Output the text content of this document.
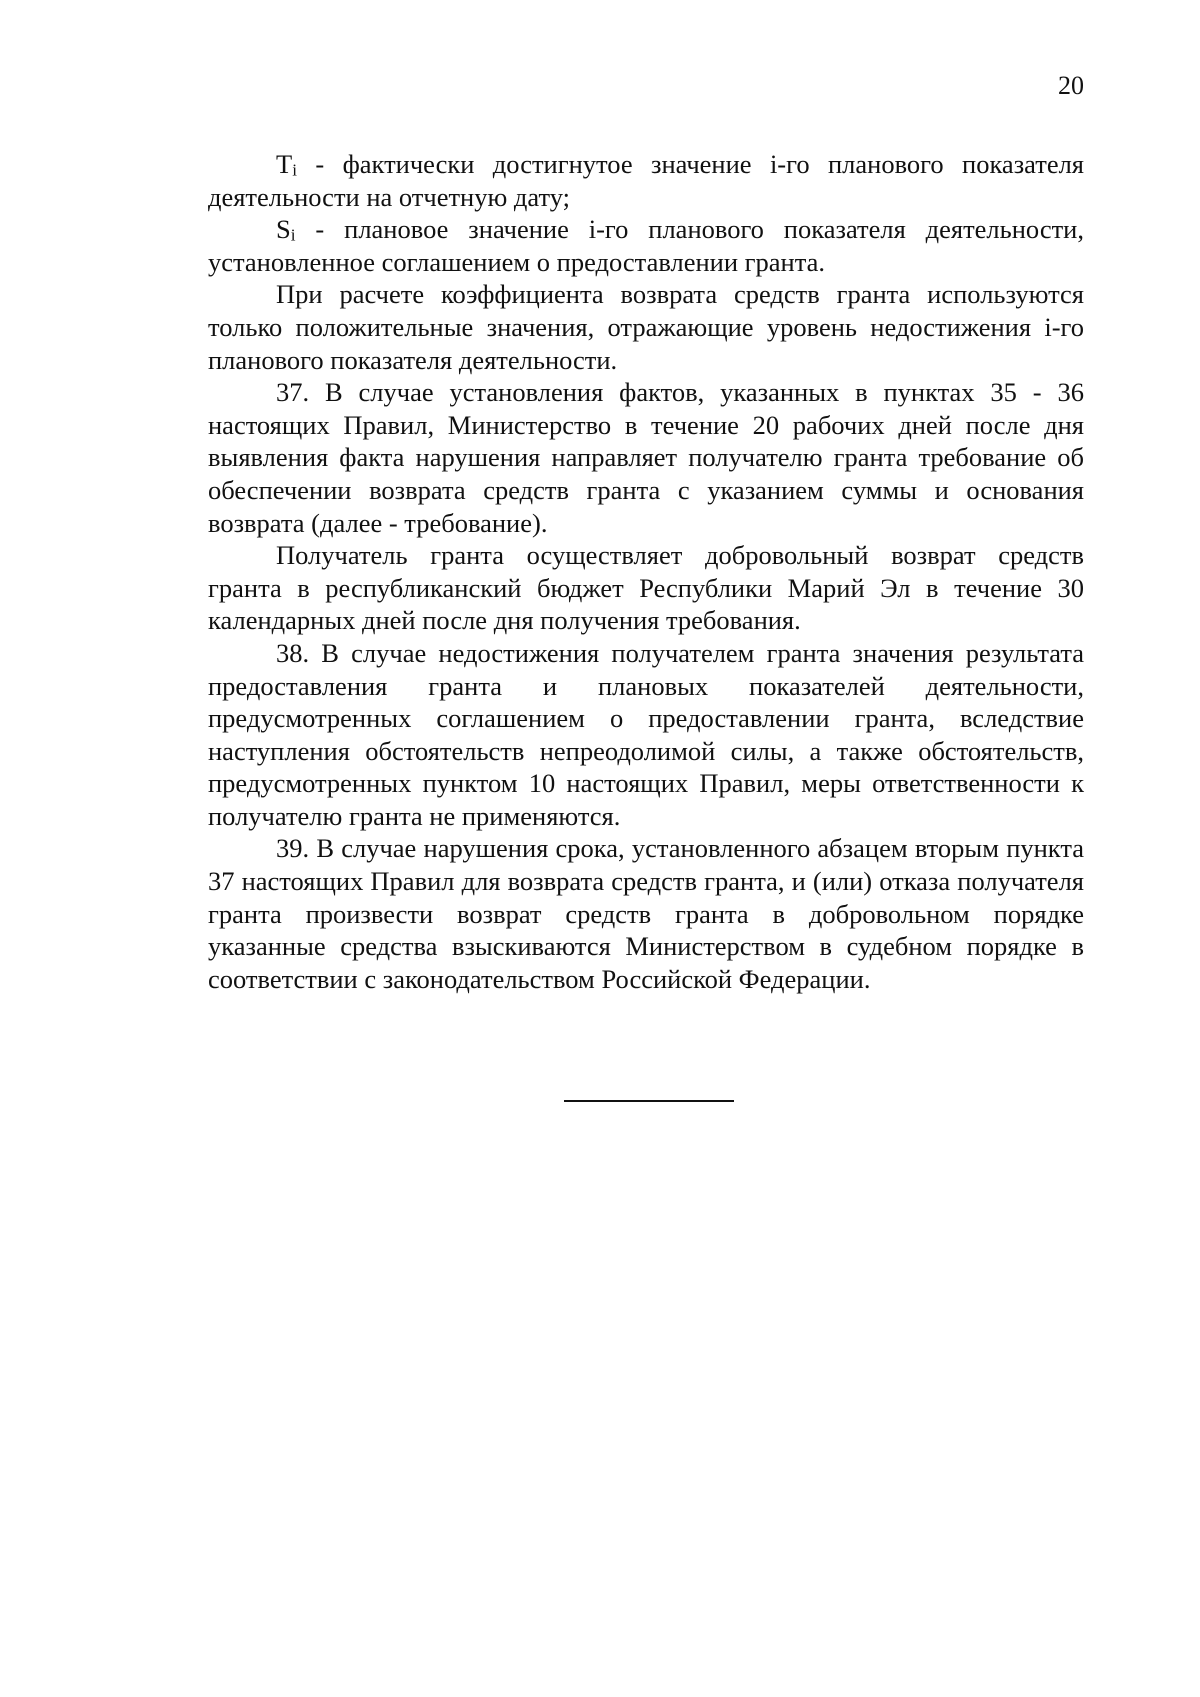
20

Ti - фактически достигнутое значение i-го планового показателя деятельности на отчетную дату;

Si - плановое значение i-го планового показателя деятельности, установленное соглашением о предоставлении гранта.

При расчете коэффициента возврата средств гранта используются только положительные значения, отражающие уровень недостижения i-го планового показателя деятельности.

37. В случае установления фактов, указанных в пунктах 35 - 36 настоящих Правил, Министерство в течение 20 рабочих дней после дня выявления факта нарушения направляет получателю гранта требование об обеспечении возврата средств гранта с указанием суммы и основания возврата (далее - требование).

Получатель гранта осуществляет добровольный возврат средств гранта в республиканский бюджет Республики Марий Эл в течение 30 календарных дней после дня получения требования.

38. В случае недостижения получателем гранта значения результата предоставления гранта и плановых показателей деятельности, предусмотренных соглашением о предоставлении гранта, вследствие наступления обстоятельств непреодолимой силы, а также обстоятельств, предусмотренных пунктом 10 настоящих Правил, меры ответственности к получателю гранта не применяются.

39. В случае нарушения срока, установленного абзацем вторым пункта 37 настоящих Правил для возврата средств гранта, и (или) отказа получателя гранта произвести возврат средств гранта в добровольном порядке указанные средства взыскиваются Министерством в судебном порядке в соответствии с законодательством Российской Федерации.
